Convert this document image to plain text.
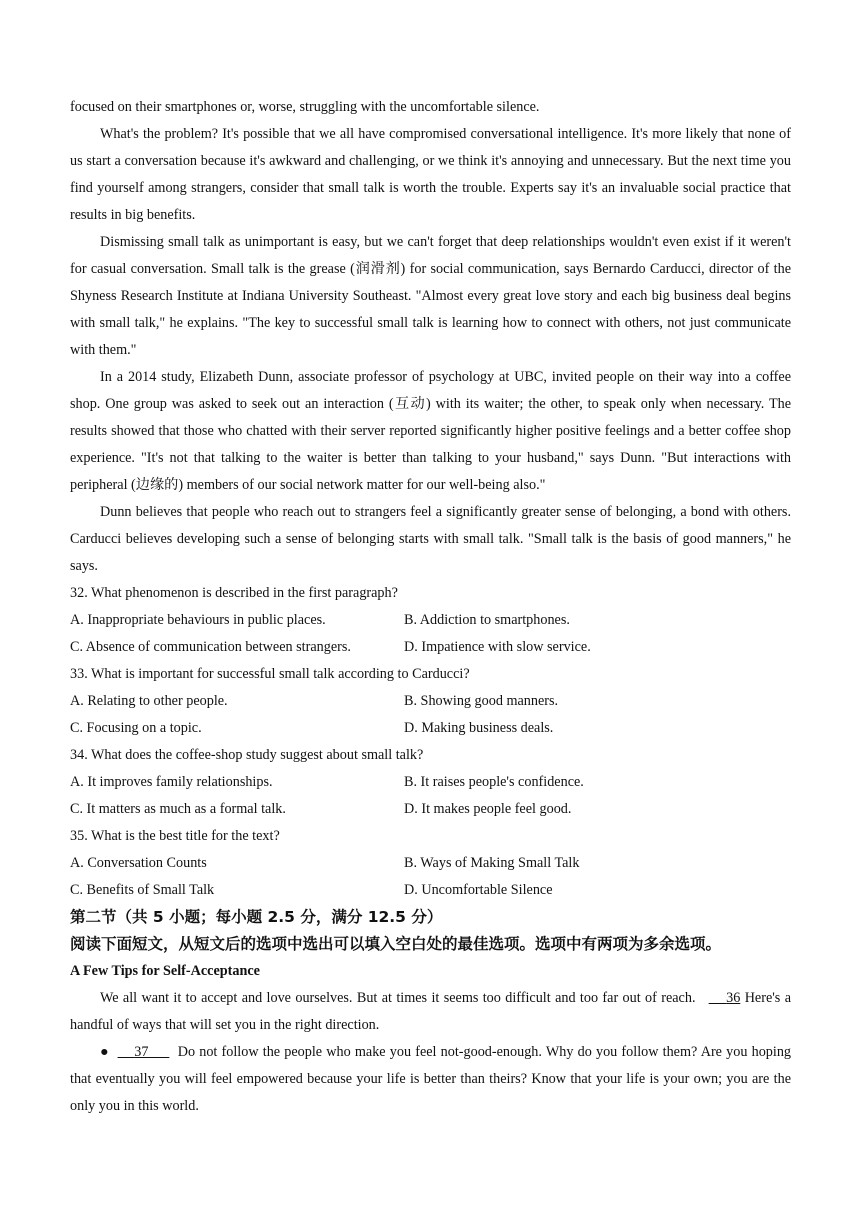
focused on their smartphones or, worse, struggling with the uncomfortable silence.

What's the problem? It's possible that we all have compromised conversational intelligence. It's more likely that none of us start a conversation because it's awkward and challenging, or we think it's annoying and unnecessary. But the next time you find yourself among strangers, consider that small talk is worth the trouble. Experts say it's an invaluable social practice that results in big benefits.

Dismissing small talk as unimportant is easy, but we can't forget that deep relationships wouldn't even exist if it weren't for casual conversation. Small talk is the grease (润滑剂) for social communication, says Bernardo Carducci, director of the Shyness Research Institute at Indiana University Southeast. "Almost every great love story and each big business deal begins with small talk," he explains. "The key to successful small talk is learning how to connect with others, not just communicate with them."

In a 2014 study, Elizabeth Dunn, associate professor of psychology at UBC, invited people on their way into a coffee shop. One group was asked to seek out an interaction (互动) with its waiter; the other, to speak only when necessary. The results showed that those who chatted with their server reported significantly higher positive feelings and a better coffee shop experience. "It's not that talking to the waiter is better than talking to your husband," says Dunn. "But interactions with peripheral (边缘的) members of our social network matter for our well-being also."

Dunn believes that people who reach out to strangers feel a significantly greater sense of belonging, a bond with others. Carducci believes developing such a sense of belonging starts with small talk. "Small talk is the basis of good manners," he says.

32. What phenomenon is described in the first paragraph?
A. Inappropriate behaviours in public places.	B. Addiction to smartphones.
C. Absence of communication between strangers.	D. Impatience with slow service.
33. What is important for successful small talk according to Carducci?
A. Relating to other people.	B. Showing good manners.
C. Focusing on a topic.	D. Making business deals.
34. What does the coffee-shop study suggest about small talk?
A. It improves family relationships.	B. It raises people's confidence.
C. It matters as much as a formal talk.	D. It makes people feel good.
35. What is the best title for the text?
A. Conversation Counts	B. Ways of Making Small Talk
C. Benefits of Small Talk	D. Uncomfortable Silence
第二节（共 5 小题；每小题 2.5 分，满分 12.5 分）
阅读下面短文，从短文后的选项中选出可以填入空白处的最佳选项。选项中有两项为多余选项。
A Few Tips for Self-Acceptance

We all want it to accept and love ourselves. But at times it seems too difficult and too far out of reach. 36 Here's a handful of ways that will set you in the right direction.

● 37 Do not follow the people who make you feel not-good-enough. Why do you follow them? Are you hoping that eventually you will feel empowered because your life is better than theirs? Know that your life is your own; you are the only you in this world.
